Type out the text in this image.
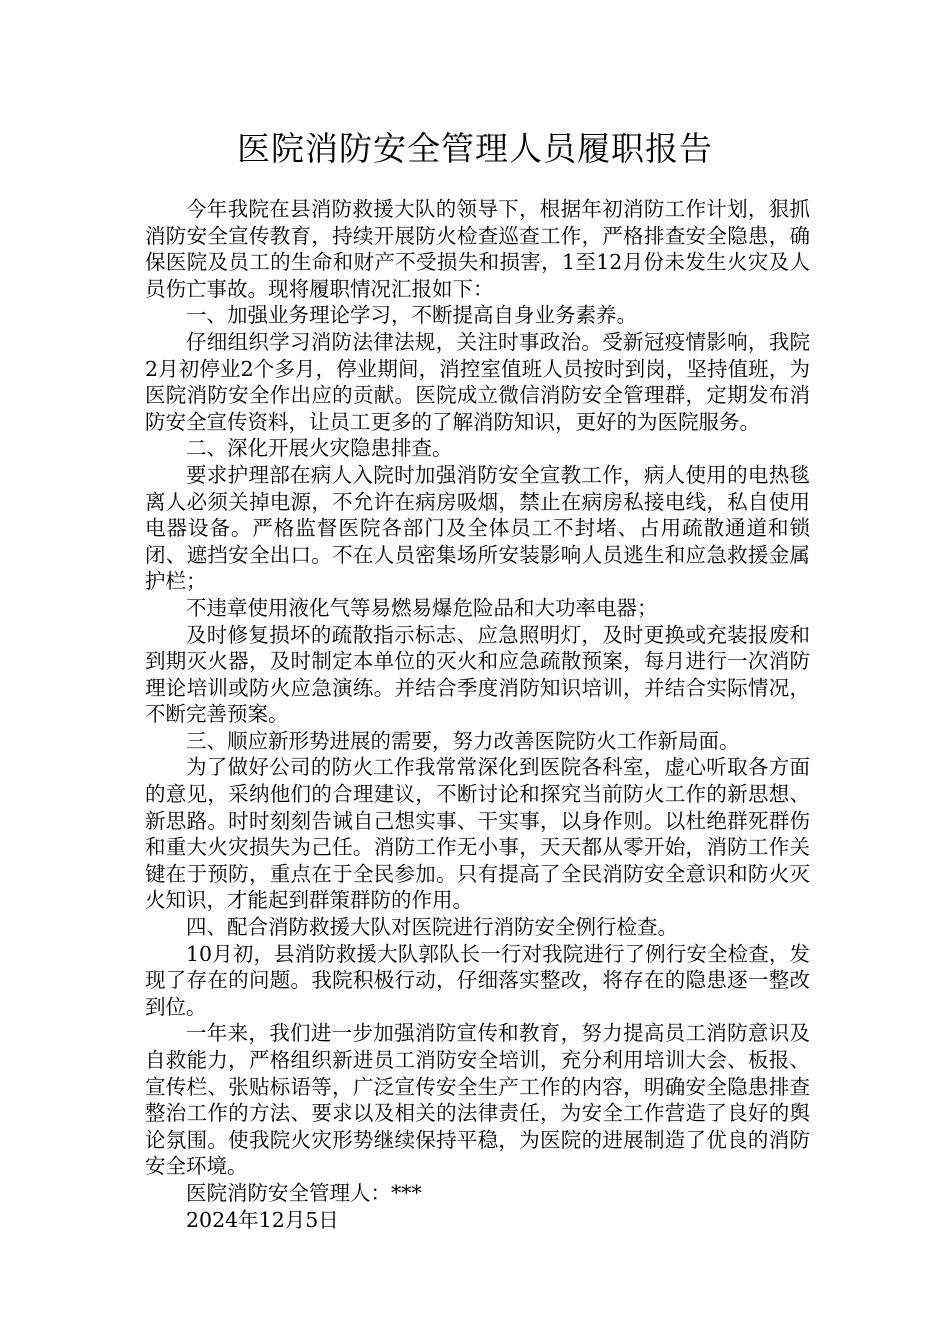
医院消防安全管理人员履职报告

今年我院在县消防救援大队的领导下，根据年初消防工作计划，狠抓消防安全宣传教育，持续开展防火检查巡查工作，严格排查安全隐患，确保医院及员工的生命和财产不受损失和损害，1至12月份未发生火灾及人员伤亡事故。现将履职情况汇报如下：

一、加强业务理论学习，不断提高自身业务素养。

仔细组织学习消防法律法规，关注时事政治。受新冠疫情影响，我院2月初停业2个多月，停业期间，消控室值班人员按时到岗，坚持值班，为医院消防安全作出应的贡献。医院成立微信消防安全管理群，定期发布消防安全宣传资料，让员工更多的了解消防知识，更好的为医院服务。

二、深化开展火灾隐患排查。

要求护理部在病人入院时加强消防安全宣教工作，病人使用的电热毯离人必须关掉电源，不允许在病房吸烟，禁止在病房私接电线，私自使用电器设备。严格监督医院各部门及全体员工不封堵、占用疏散通道和锁闭、遮挡安全出口。不在人员密集场所安装影响人员逃生和应急救援金属护栏；

不违章使用液化气等易燃易爆危险品和大功率电器；

及时修复损坏的疏散指示标志、应急照明灯，及时更换或充装报废和到期灭火器，及时制定本单位的灭火和应急疏散预案，每月进行一次消防理论培训或防火应急演练。并结合季度消防知识培训，并结合实际情况，不断完善预案。

三、顺应新形势进展的需要，努力改善医院防火工作新局面。

为了做好公司的防火工作我常常深化到医院各科室，虚心听取各方面的意见，采纳他们的合理建议，不断讨论和探究当前防火工作的新思想、新思路。时时刻刻告诫自己想实事、干实事，以身作则。以杜绝群死群伤和重大火灾损失为己任。消防工作无小事，天天都从零开始，消防工作关键在于预防，重点在于全民参加。只有提高了全民消防安全意识和防火灭火知识，才能起到群策群防的作用。

四、配合消防救援大队对医院进行消防安全例行检查。

10月初，县消防救援大队郭队长一行对我院进行了例行安全检查，发现了存在的问题。我院积极行动，仔细落实整改，将存在的隐患逐一整改到位。

一年来，我们进一步加强消防宣传和教育，努力提高员工消防意识及自救能力，严格组织新进员工消防安全培训，充分利用培训大会、板报、宣传栏、张贴标语等，广泛宣传安全生产工作的内容，明确安全隐患排查整治工作的方法、要求以及相关的法律责任，为安全工作营造了良好的舆论氛围。使我院火灾形势继续保持平稳，为医院的进展制造了优良的消防安全环境。

医院消防安全管理人：***

2024年12月5日
